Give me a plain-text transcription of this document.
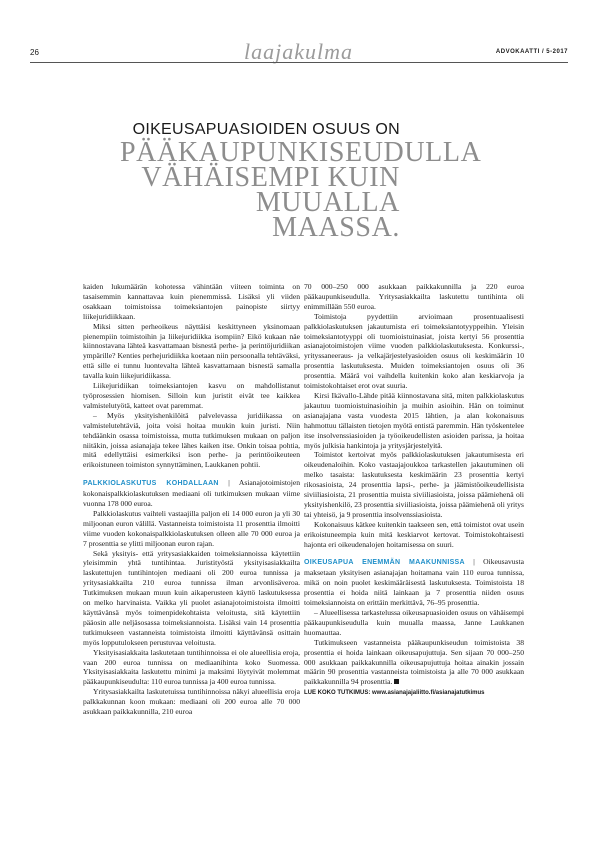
26	laajakulma	ADVOKAATTI / 5-2017
OIKEUSAPUASIOIDEN OSUUS ON
PÄÄKAUPUNKISEUDULLA
VÄHÄISEMPI KUIN MUUALLA
MAASSA.

kaiden lukumäärän kohotessa vähintään viiteen toiminta on tasaisemmin kannattavaa kuin pienemmissä. Lisäksi yli viiden osakkaan toimistoissa toimeksiantojen painopiste siirtyy liikejuridiikkaan.

Miksi sitten perheoikeus näyttäisi keskittyneen yksinomaan pienempiin toimistoihin ja liikejuridiikka isompiin? Eikö kukaan näe kiinnostavana lähteä kasvattamaan bisnestä perhe- ja perintöjuridiikan ympärille? Kenties perhejuridiikka koetaan niin persoonalla tehtäväksi, että sille ei tunnu luontevalta lähteä kasvattamaan bisnestä samalla tavalla kuin liikejuridiikassa.

Liikejuridiikan toimeksiantojen kasvu on mahdollistanut työprosessien hiomisen. Silloin kun juristit eivät tee kaikkea valmistelutyötä, katteet ovat paremmat.

– Myös yksityishenkilöitä palvelevassa juridiikassa on valmistelutehtäviä, joita voisi hoitaa muukin kuin juristi. Niin tehdäänkin osassa toimistoissa, mutta tutkimuksen mukaan on paljon niitäkin, joissa asianajaja tekee lähes kaiken itse. Onkin toisaa pohtia, mitä edellyttäisi esimerkiksi ison perhe- ja perintöoikeuteen erikoistuneen toimiston synnyttäminen, Laukkanen pohtii.

PALKKIOLASKUTUS KOHDALLAAN | Asianajotoimistojen kokonaispalkkiolaskutuksen mediaani oli tutkimuksen mukaan viime vuonna 178 000 euroa.

Palkkiolaskutus vaihteli vastaajilla paljon eli 14 000 euron ja yli 30 miljoonan euron välillä. Vastanneista toimistoista 11 prosenttia ilmoitti viime vuoden kokonaispalkkiolaskutuksen olleen alle 70 000 euroa ja 7 prosenttia se ylitti miljoonan euron rajan.

Sekä yksityis- että yritysasiakkaiden toimeksiannoissa käytettiin yleisimmin yhtä tuntihintaa. Juristityöstä yksityisasiakkailta laskutettujen tuntihintojen mediaani oli 200 euroa tunnissa ja yritysasiakkailta 210 euroa tunnissa ilman arvonlisäveroa. Tutkimuksen mukaan muun kuin aikaperusteen käyttö laskutuksessa on melko harvinaista. Vaikka yli puolet asianajotoimistoista ilmoitti käyttävänsä myös toimenpidekohtaista veloitusta, sitä käytettiin pääosin alle neljäsosassa toimeksiannoista. Lisäksi vain 14 prosenttia tutkimukseen vastanneista toimistoista ilmoitti käyttävänsä osittain myös lopputulokseen perustuvaa veloitusta.

Yksityisasiakkaita laskutetaan tuntihinnoissa ei ole alueellisia eroja, vaan 200 euroa tunnissa on mediaanihinta koko Suomessa. Yksityisasiakkaita laskutettu minimi ja maksimi löytyivät molemmat pääkaupunkiseudulta: 110 euroa tunnissa ja 400 euroa tunnissa.

Yritysasiakkailta laskutetuissa tuntihinnoissa näkyi alueellisia eroja palkkakunnan koon mukaan: mediaani oli 200 euroa alle 70 000 asukkaan paikkakunnilla, 210 euroa

70 000–250 000 asukkaan paikkakunnilla ja 220 euroa pääkaupunkiseudulla. Yritysasiakkailta laskutettu tuntihinta oli enimmillään 550 euroa.

Toimistoja pyydettiin arvioimaan prosentuaalisesti palkkiolaskutuksen jakautumista eri toimeksiantotyyppeihin. Yleisin toimeksiantotyyppi oli tuomioistuinasiat, joista kertyi 56 prosenttia asianajotoimistojen viime vuoden palkkiolaskutuksesta. Konkurssi-, yrityssaneeraus- ja velkajärjestelyasioiden osuus oli keskimäärin 10 prosenttia laskutuksesta. Muiden toimeksiantojen osuus oli 36 prosenttia. Määrä voi vaihdella kuitenkin koko alan keskiarvoja ja toimistokohtaiset erot ovat suuria.

Kirsi Ikävallo-Lähde pitää kiinnostavana sitä, miten palkkiolaskutus jakautuu tuomioistuinasioihin ja muihin asioihin. Hän on toiminut asianajajana vasta vuodesta 2015 lähtien, ja alan kokonaisuus hahmottuu tällaisten tietojen myötä entistä paremmin. Hän työskentelee itse insolvenssiasioiden ja työoikeudellisten asioiden parissa, ja hoitaa myös julkisia hankintoja ja yritysjärjestelyitä.

Toimistot kertoivat myös palkkiolaskutuksen jakautumisesta eri oikeudenaloihin. Koko vastaajajoukkoa tarkastellen jakautuminen oli melko tasaista: laskutuksesta keskimäärin 23 prosenttia kertyi rikosasioista, 24 prosenttia lapsi-, perhe- ja jäämistöoikeudellisista siviiliasioista, 21 prosenttia muista siviiliasioista, joissa päämiehenä oli yksityishenkilö, 23 prosenttia siviiliasioista, joissa päämiehenä oli yritys tai yhteisö, ja 9 prosenttia insolvenssiasioista.

Kokonaisuus kätkee kuitenkin taakseen sen, että toimistot ovat usein erikoistuneempia kuin mitä keskiarvot kertovat. Toimistokohtaisesti hajonta eri oikeudenalojen hoitamisessa on suuri.

OIKEUSAPUA ENEMMÄN MAAKUNNISSA | Oikeusavusta maksetaan yksityisen asianajajan hoitamana vain 110 euroa tunnissa, mikä on noin puolet keskimääräisestä laskutuksesta. Toimistoista 18 prosenttia ei hoida niitä lainkaan ja 7 prosenttia niiden osuus toimeksiannoista on erittäin merkittävä, 76–95 prosenttia.

– Alueellisessa tarkastelussa oikeusapuasioiden osuus on vähäisempi pääkaupunkiseudulla kuin muualla maassa, Janne Laukkanen huomauttaa.

Tutkimukseen vastanneista pääkaupunkiseudun toimistoista 38 prosenttia ei hoida lainkaan oikeusapujuttuja. Sen sijaan 70 000–250 000 asukkaan paikkakunnilla oikeusapujuttuja hoitaa ainakin jossain määrin 90 prosenttia vastanneista toimistoista ja alle 70 000 asukkaan paikkakunnilla 94 prosenttia.

LUE KOKO TUTKIMUS: www.asianajajaliitto.fi/asianajatutkimus
